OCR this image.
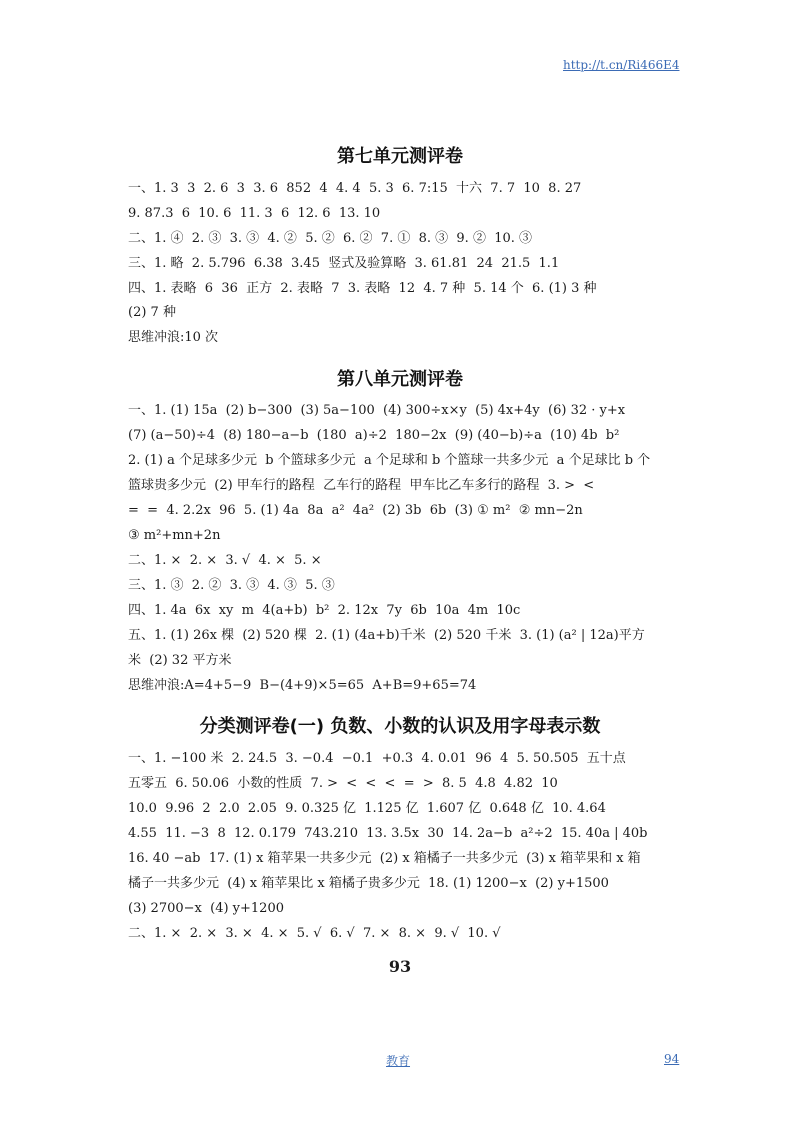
http://t.cn/Ri466E4
第七单元测评卷
一、1. 3  3  2. 6  3  3. 6  852  4  4. 4  5. 3  6. 7:15  十六  7. 7  10  8. 27
9. 87.3  6  10. 6  11. 3  6  12. 6  13. 10
二、1. ④  2. ③  3. ③  4. ②  5. ②  6. ②  7. ①  8. ③  9. ②  10. ③
三、1. 略  2. 5.796  6.38  3.45  竖式及验算略  3. 61.81  24  21.5  1.1
四、1. 表略  6  36  正方  2. 表略  7  3. 表略  12  4. 7 种  5. 14 个  6. (1) 3 种
(2) 7 种
思维冲浪:10 次
第八单元测评卷
一、1. (1) 15a  (2) b−300  (3) 5a−100  (4) 300÷x×y  (5) 4x+4y  (6) 32 · y+x
(7) (a−50)÷4  (8) 180−a−b  (180  a)÷2  180−2x  (9) (40−b)÷a  (10) 4b  b²
2. (1) a 个足球多少元  b 个篮球多少元  a 个足球和 b 个篮球一共多少元  a 个足球比 b 个
篮球贵多少元  (2) 甲车行的路程  乙车行的路程  甲车比乙车多行的路程  3. >  <
=  =  4. 2.2x  96  5. (1) 4a  8a  a²  4a²  (2) 3b  6b  (3) ① m²  ② mn−2n
③ m²+mn+2n
二、1. ×  2. ×  3. √  4. ×  5. ×
三、1. ③  2. ②  3. ③  4. ③  5. ③
四、1. 4a  6x  xy  m  4(a+b)  b²  2. 12x  7y  6b  10a  4m  10c
五、1. (1) 26x 棵  (2) 520 棵  2. (1) (4a+b)千米  (2) 520 千米  3. (1) (a² | 12a)平方
米  (2) 32 平方米
思维冲浪:A=4+5−9  B−(4+9)×5=65  A+B=9+65=74
分类测评卷(一) 负数、小数的认识及用字母表示数
一、1. −100 米  2. 24.5  3. −0.4  −0.1  +0.3  4. 0.01  96  4  5. 50.505  五十点
五零五  6. 50.06  小数的性质  7. >  <  <  <  =  >  8. 5  4.8  4.82  10
10.0  9.96  2  2.0  2.05  9. 0.325 亿  1.125 亿  1.607 亿  0.648 亿  10. 4.64
4.55  11. −3  8  12. 0.179  743.210  13. 3.5x  30  14. 2a−b  a²÷2  15. 40a | 40b
16. 40 −ab  17. (1) x 箱苹果一共多少元  (2) x 箱橘子一共多少元  (3) x 箱苹果和 x 箱
橘子一共多少元  (4) x 箱苹果比 x 箱橘子贵多少元  18. (1) 1200−x  (2) y+1500
(3) 2700−x  (4) y+1200
二、1. ×  2. ×  3. ×  4. ×  5. √  6. √  7. ×  8. ×  9. √  10. √
93
教育	94
